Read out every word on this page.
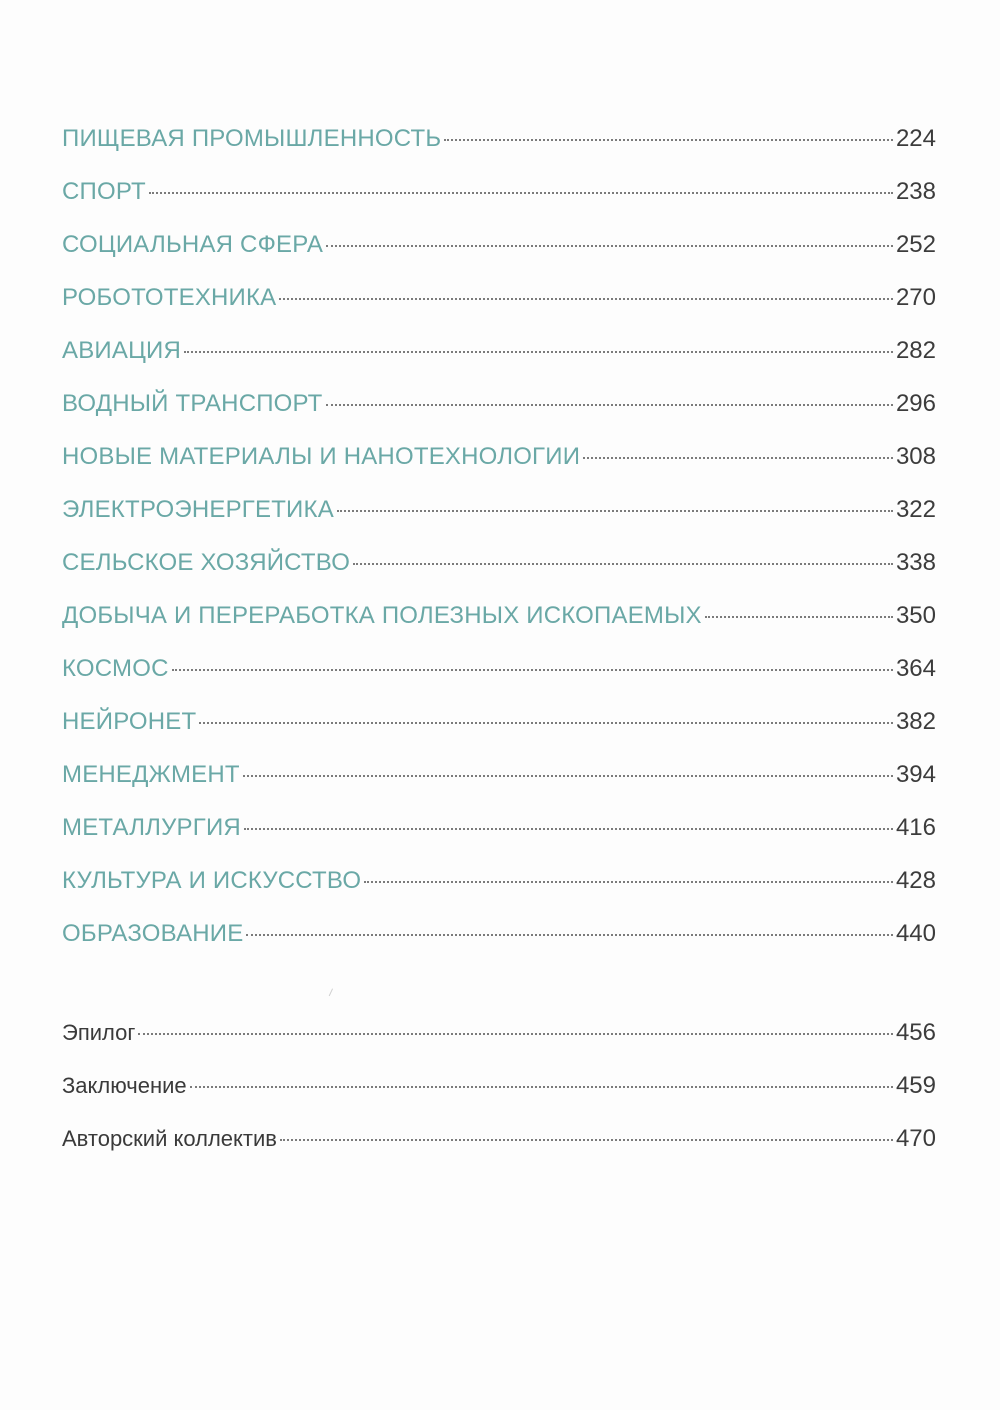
ПИЩЕВАЯ ПРОМЫШЛЕННОСТЬ	224
СПОРТ	238
СОЦИАЛЬНАЯ СФЕРА	252
РОБОТОТЕХНИКА	270
АВИАЦИЯ	282
ВОДНЫЙ ТРАНСПОРТ	296
НОВЫЕ МАТЕРИАЛЫ И НАНОТЕХНОЛОГИИ	308
ЭЛЕКТРОЭНЕРГЕТИКА	322
СЕЛЬСКОЕ ХОЗЯЙСТВО	338
ДОБЫЧА И ПЕРЕРАБОТКА ПОЛЕЗНЫХ ИСКОПАЕМЫХ	350
КОСМОС	364
НЕЙРОНЕТ	382
МЕНЕДЖМЕНТ	394
МЕТАЛЛУРГИЯ	416
КУЛЬТУРА И ИСКУССТВО	428
ОБРАЗОВАНИЕ	440
Эпилог	456
Заключение	459
Авторский коллектив	470
